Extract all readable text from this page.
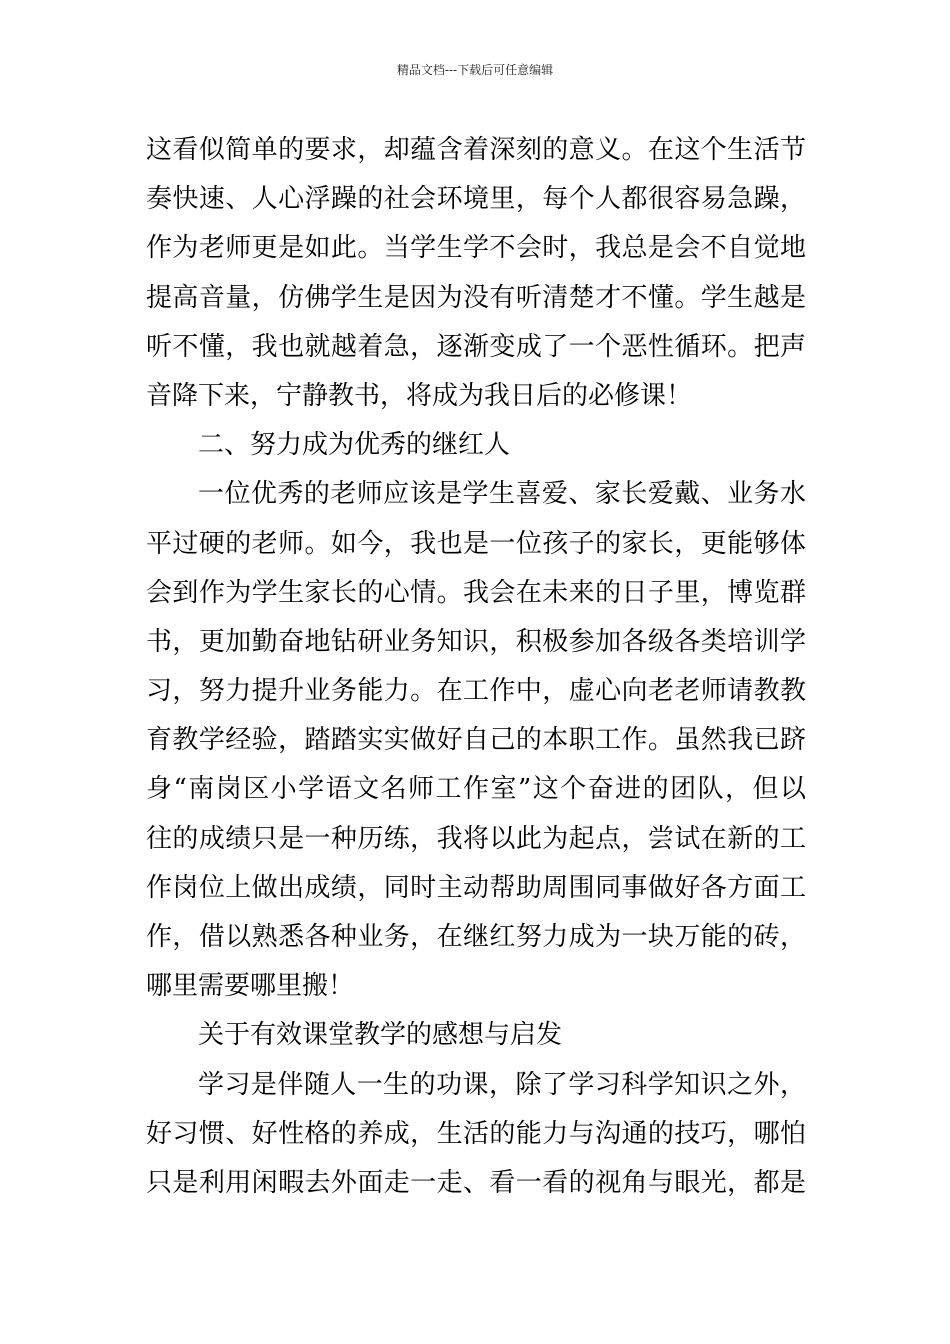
精品文档---下载后可任意编辑
这看似简单的要求，却蕴含着深刻的意义。在这个生活节
奏快速、人心浮躁的社会环境里，每个人都很容易急躁，
作为老师更是如此。当学生学不会时，我总是会不自觉地
提高音量，仿佛学生是因为没有听清楚才不懂。学生越是
听不懂，我也就越着急，逐渐变成了一个恶性循环。把声
音降下来，宁静教书，将成为我日后的必修课！
二、努力成为优秀的继红人
一位优秀的老师应该是学生喜爱、家长爱戴、业务水
平过硬的老师。如今，我也是一位孩子的家长，更能够体
会到作为学生家长的心情。我会在未来的日子里，博览群
书，更加勤奋地钻研业务知识，积极参加各级各类培训学
习，努力提升业务能力。在工作中，虚心向老老师请教教
育教学经验，踏踏实实做好自己的本职工作。虽然我已跻
身“南岗区小学语文名师工作室”这个奋进的团队，但以
往的成绩只是一种历练，我将以此为起点，尝试在新的工
作岗位上做出成绩，同时主动帮助周围同事做好各方面工
作，借以熟悉各种业务，在继红努力成为一块万能的砖，
哪里需要哪里搬！
关于有效课堂教学的感想与启发
学习是伴随人一生的功课，除了学习科学知识之外，
好习惯、好性格的养成，生活的能力与沟通的技巧，哪怕
只是利用闲暇去外面走一走、看一看的视角与眼光，都是
